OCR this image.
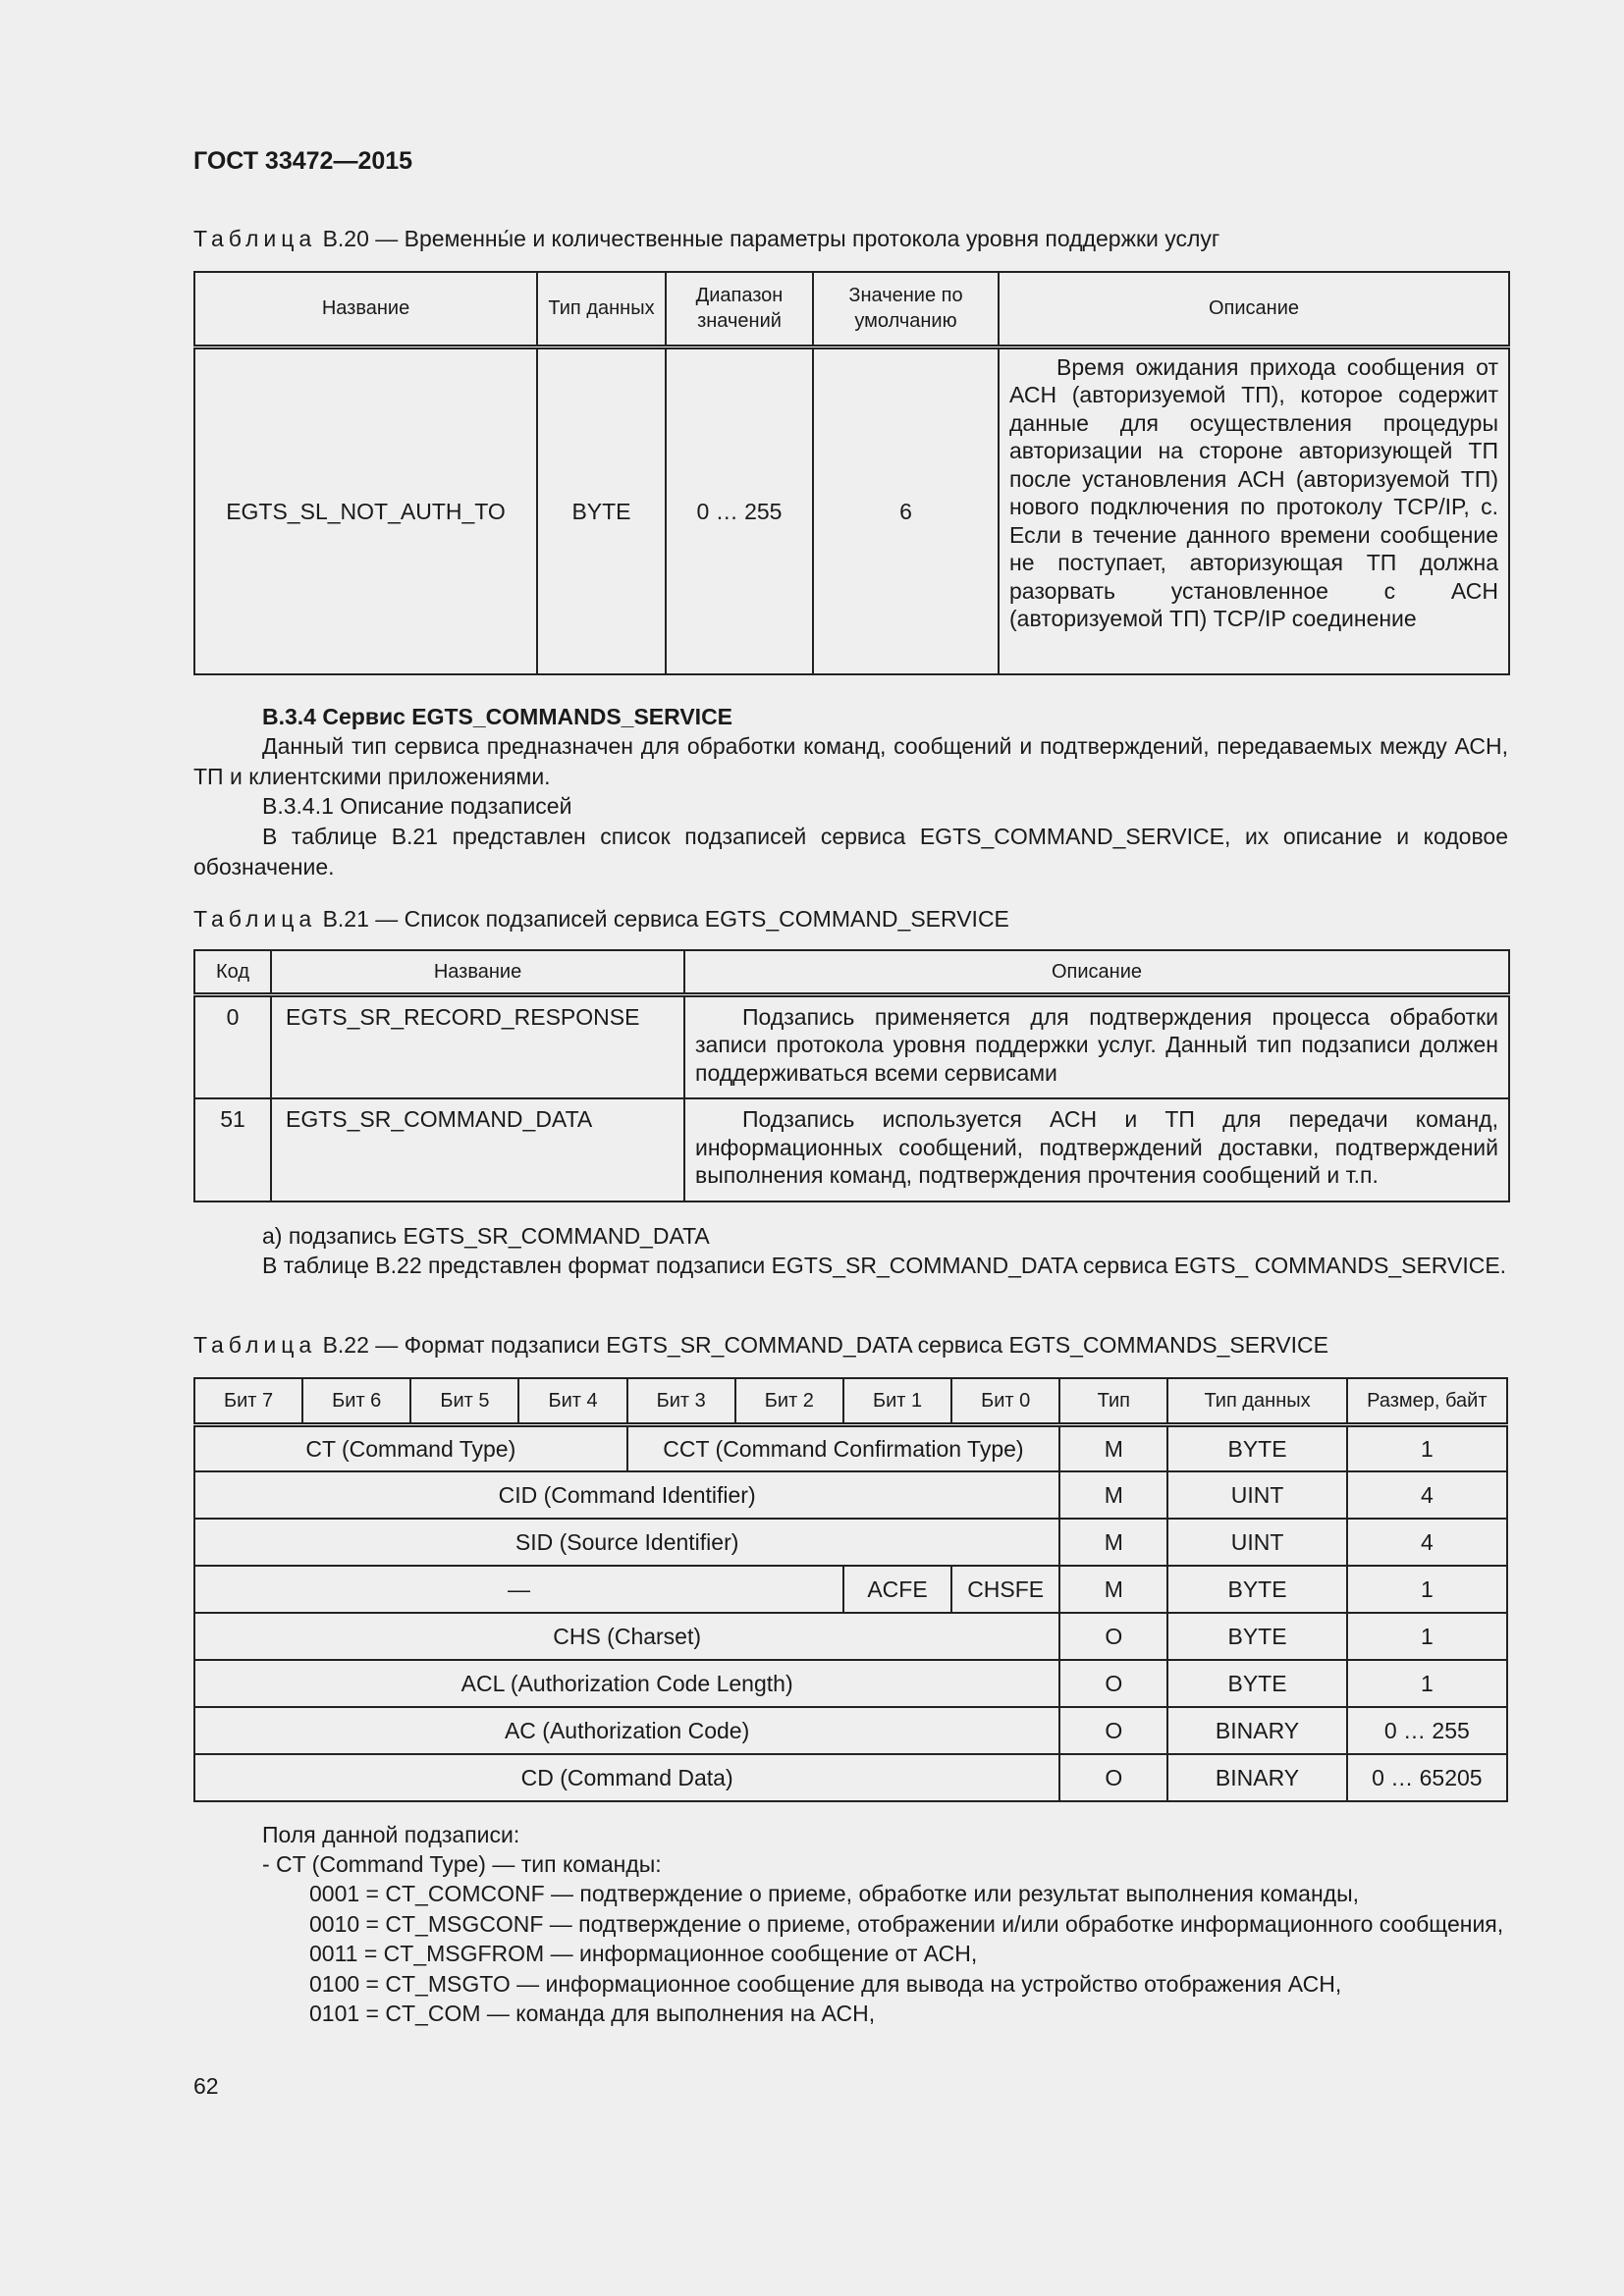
ГОСТ 33472—2015
Таблица В.20 — Временны́е и количественные параметры протокола уровня поддержки услуг
Название	Тип данных	Диапазон значений	Значение по умолчанию	Описание
EGTS_SL_NOT_AUTH_TO	BYTE	0 … 255	6	Время ожидания прихода сообщения от АСН (авторизуемой ТП), которое содержит данные для осуществления процедуры авторизации на стороне авторизующей ТП после установления АСН (авторизуемой ТП) нового подключения по протоколу TCP/IP, с. Если в течение данного времени сообщение не поступает, авторизующая ТП должна разорвать установленное с АСН (авторизуемой ТП) TCP/IP соединение
В.3.4 Сервис EGTS_COMMANDS_SERVICE
Данный тип сервиса предназначен для обработки команд, сообщений и подтверждений, передаваемых между АСН, ТП и клиентскими приложениями.
В.3.4.1 Описание подзаписей
В таблице В.21 представлен список подзаписей сервиса EGTS_COMMAND_SERVICE, их описание и кодовое обозначение.
Таблица В.21 — Список подзаписей сервиса EGTS_COMMAND_SERVICE
Код	Название	Описание
0	EGTS_SR_RECORD_RESPONSE	Подзапись применяется для подтверждения процесса обработки записи протокола уровня поддержки услуг. Данный тип подзаписи должен поддерживаться всеми сервисами
51	EGTS_SR_COMMAND_DATA	Подзапись используется АСН и ТП для передачи команд, информационных сообщений, подтверждений доставки, подтверждений выполнения команд, подтверждения прочтения сообщений и т.п.
а) подзапись EGTS_SR_COMMAND_DATA
В таблице В.22 представлен формат подзаписи EGTS_SR_COMMAND_DATA сервиса EGTS_ COMMANDS_SERVICE.
Таблица В.22 — Формат подзаписи EGTS_SR_COMMAND_DATA сервиса EGTS_COMMANDS_SERVICE
Бит 7	Бит 6	Бит 5	Бит 4	Бит 3	Бит 2	Бит 1	Бит 0	Тип	Тип данных	Размер, байт
CT (Command Type)				CCT (Command Confirmation Type)				M	BYTE	1
CID (Command Identifier)								M	UINT	4
SID (Source Identifier)								M	UINT	4
—						ACFE	CHSFE	M	BYTE	1
CHS (Charset)								O	BYTE	1
ACL (Authorization Code Length)								O	BYTE	1
AC (Authorization Code)								O	BINARY	0 … 255
CD (Command Data)								O	BINARY	0 … 65205
Поля данной подзаписи:
- CT (Command Type) — тип команды:
0001 = CT_COMCONF — подтверждение о приеме, обработке или результат выполнения команды,
0010 = CT_MSGCONF — подтверждение о приеме, отображении и/или обработке информационного сообщения,
0011 = CT_MSGFROM — информационное сообщение от АСН,
0100 = CT_MSGTO — информационное сообщение для вывода на устройство отображения АСН,
0101 = CT_COM — команда для выполнения на АСН,
62
